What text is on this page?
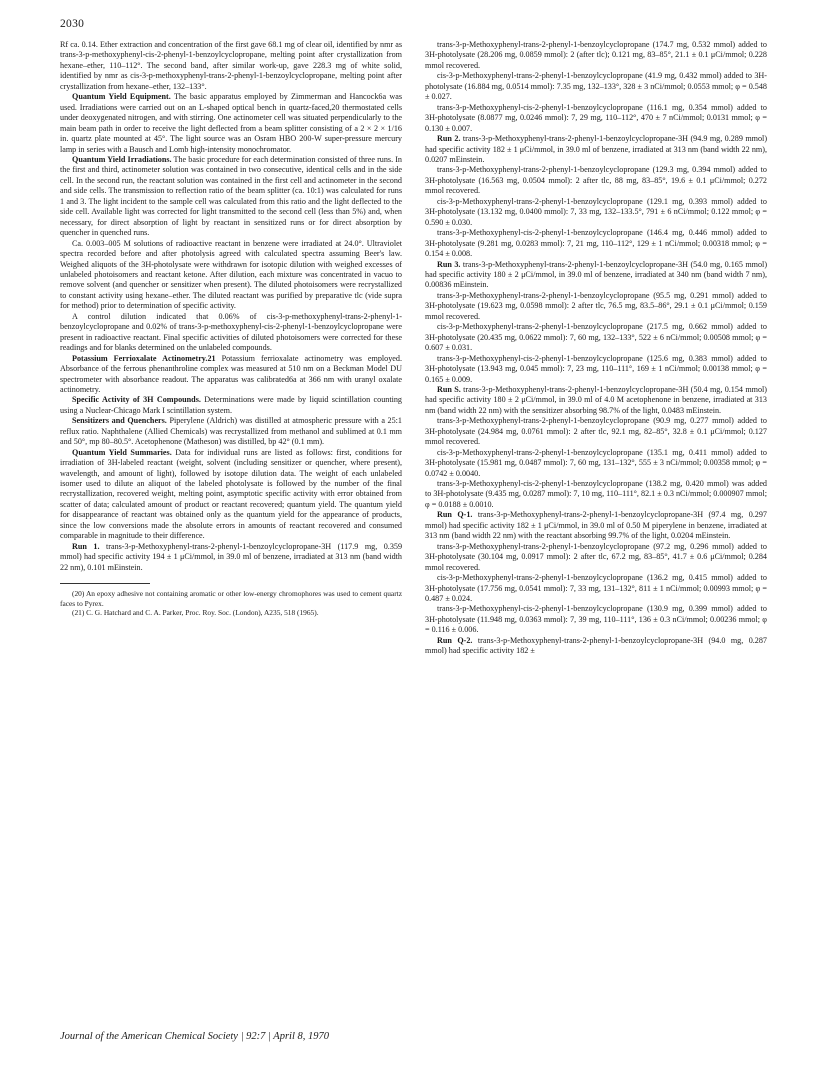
2030

Rf ca. 0.14. Ether extraction and concentration of the first gave 68.1 mg of clear oil, identified by nmr as trans-3-p-methoxyphenyl-cis-2-phenyl-1-benzoylcyclopropane, melting point after crystallization from hexane–ether, 110–112°. The second band, after similar work-up, gave 228.3 mg of white solid, identified by nmr as cis-3-p-methoxyphenyl-trans-2-phenyl-1-benzoylcyclopropane, melting point after crystallization from hexane–ether, 132–133°.

Quantum Yield Equipment. The basic apparatus employed by Zimmerman and Hancock6a was used. Irradiations were carried out on an L-shaped optical bench in quartz-faced,20 thermostated cells under deoxygenated nitrogen, and with stirring. One actinometer cell was situated perpendicularly to the main beam path in order to receive the light deflected from a beam splitter consisting of a 2 × 2 × 1/16 in. quartz plate mounted at 45°. The light source was an Osram HBO 200-W super-pressure mercury lamp in series with a Bausch and Lomb high-intensity monochromator.

Quantum Yield Irradiations. The basic procedure for each determination consisted of three runs. In the first and third, actinometer solution was contained in two consecutive, identical cells and in the side cell. In the second run, the reactant solution was contained in the first cell and actinometer in the second and side cells. The transmission to reflection ratio of the beam splitter (ca. 10:1) was calculated for runs 1 and 3. The light incident to the sample cell was calculated from this ratio and the light deflected to the side cell. Available light was corrected for light transmitted to the second cell (less than 5%) and, when necessary, for direct absorption of light by reactant in sensitized runs or for direct absorption by quencher in quenched runs.

Ca. 0.003–005 M solutions of radioactive reactant in benzene were irradiated at 24.0°. Ultraviolet spectra recorded before and after photolysis agreed with calculated spectra assuming Beer's law. Weighed aliquots of the 3H-photolysate were withdrawn for isotopic dilution with weighed excesses of unlabeled photoisomers and reactant ketone. After dilution, each mixture was concentrated in vacuo to remove solvent (and quencher or sensitizer when present). The diluted photoisomers were recrystallized to constant activity using hexane–ether. The diluted reactant was purified by preparative tlc (vide supra for method) prior to determination of specific activity.

A control dilution indicated that 0.06% of cis-3-p-methoxyphenyl-trans-2-phenyl-1-benzoylcyclopropane and 0.02% of trans-3-p-methoxyphenyl-cis-2-phenyl-1-benzoylcyclopropane were present in radioactive reactant. Final specific activities of diluted photoisomers were corrected for these readings and for blanks determined on the unlabeled compounds.

Potassium Ferrioxalate Actinometry.21 Potassium ferrioxalate actinometry was employed. Absorbance of the ferrous phenanthroline complex was measured at 510 nm on a Beckman Model DU spectrometer with absorbance readout. The apparatus was calibrated6a at 366 nm with uranyl oxalate actinometry.

Specific Activity of 3H Compounds. Determinations were made by liquid scintillation counting using a Nuclear-Chicago Mark I scintillation system.

Sensitizers and Quenchers. Piperylene (Aldrich) was distilled at atmospheric pressure with a 25:1 reflux ratio. Naphthalene (Allied Chemicals) was recrystallized from methanol and sublimed at 0.1 mm and 50°, mp 80–80.5°. Acetophenone (Matheson) was distilled, bp 42° (0.1 mm).

Quantum Yield Summaries. Data for individual runs are listed as follows: first, conditions for irradiation of 3H-labeled reactant (weight, solvent (including sensitizer or quencher, where present), wavelength, and amount of light), followed by isotope dilution data. The weight of each unlabeled isomer used to dilute an aliquot of the labeled photolysate is followed by the number of the final recrystallization, recovered weight, melting point, asymptotic specific activity with error obtained from scatter of data; calculated amount of product or reactant recovered; quantum yield. The quantum yield for disappearance of reactant was obtained only as the quantum yield for the appearance of products, since the low conversions made the absolute errors in amounts of reactant recovered and consumed comparable in magnitude to their difference.

Run 1. trans-3-p-Methoxyphenyl-trans-2-phenyl-1-benzoylcyclopropane-3H (117.9 mg, 0.359 mmol) had specific activity 194 ± 1 μCi/mmol, in 39.0 ml of benzene, irradiated at 313 nm (band width 22 nm), 0.101 mEinstein.

(20) An epoxy adhesive not containing aromatic or other low-energy chromophores was used to cement quartz faces to Pyrex.

(21) C. G. Hatchard and C. A. Parker, Proc. Roy. Soc. (London), A235, 518 (1965).

trans-3-p-Methoxyphenyl-trans-2-phenyl-1-benzoylcyclopropane (174.7 mg, 0.532 mmol) added to 3H-photolysate (28.206 mg, 0.0859 mmol): 2 (after tlc); 0.121 mg, 83–85°, 21.1 ± 0.1 μCi/mmol; 0.228 mmol recovered.

cis-3-p-Methoxyphenyl-trans-2-phenyl-1-benzoylcyclopropane (41.9 mg, 0.432 mmol) added to 3H-photolysate (16.884 mg, 0.0514 mmol): 7.35 mg, 132–133°, 328 ± 3 nCi/mmol; 0.0553 mmol; φ = 0.548 ± 0.027.

trans-3-p-Methoxyphenyl-cis-2-phenyl-1-benzoylcyclopropane (116.1 mg, 0.354 mmol) added to 3H-photolysate (8.0877 mg, 0.0246 mmol): 7, 29 mg, 110–112°, 470 ± 7 nCi/mmol; 0.0131 mmol; φ = 0.130 ± 0.007.

Run 2. trans-3-p-Methoxyphenyl-trans-2-phenyl-1-benzoylcyclopropane-3H (94.9 mg, 0.289 mmol) had specific activity 182 ± 1 μCi/mmol, in 39.0 ml of benzene, irradiated at 313 nm (band width 22 nm), 0.0207 mEinstein.

trans-3-p-Methoxyphenyl-trans-2-phenyl-1-benzoylcyclopropane (129.3 mg, 0.394 mmol) added to 3H-photolysate (16.563 mg, 0.0504 mmol): 2 after tlc, 88 mg, 83–85°, 19.6 ± 0.1 μCi/mmol; 0.272 mmol recovered.

cis-3-p-Methoxyphenyl-trans-2-phenyl-1-benzoylcyclopropane (129.1 mg, 0.393 mmol) added to 3H-photolysate (13.132 mg, 0.0400 mmol): 7, 33 mg, 132–133.5°, 791 ± 6 nCi/mmol; 0.122 mmol; φ = 0.590 ± 0.030.

trans-3-p-Methoxyphenyl-cis-2-phenyl-1-benzoylcyclopropane (146.4 mg, 0.446 mmol) added to 3H-photolysate (9.281 mg, 0.0283 mmol): 7, 21 mg, 110–112°, 129 ± 1 nCi/mmol; 0.00318 mmol; φ = 0.154 ± 0.008.

Run 3. trans-3-p-Methoxyphenyl-trans-2-phenyl-1-benzoylcyclopropane-3H (54.0 mg, 0.165 mmol) had specific activity 180 ± 2 μCi/mmol, in 39.0 ml of benzene, irradiated at 340 nm (band width 7 nm), 0.00836 mEinstein.

trans-3-p-Methoxyphenyl-trans-2-phenyl-1-benzoylcyclopropane (95.5 mg, 0.291 mmol) added to 3H-photolysate (19.623 mg, 0.0598 mmol): 2 after tlc, 76.5 mg, 83.5–86°, 29.1 ± 0.1 μCi/mmol; 0.159 mmol recovered.

cis-3-p-Methoxyphenyl-trans-2-phenyl-1-benzoylcyclopropane (217.5 mg, 0.662 mmol) added to 3H-photolysate (20.435 mg, 0.0622 mmol): 7, 60 mg, 132–133°, 522 ± 6 nCi/mmol; 0.00508 mmol; φ = 0.607 ± 0.031.

trans-3-p-Methoxyphenyl-cis-2-phenyl-1-benzoylcyclopropane (125.6 mg, 0.383 mmol) added to 3H-photolysate (13.943 mg, 0.045 mmol): 7, 23 mg, 110–111°, 169 ± 1 nCi/mmol; 0.00138 mmol; φ = 0.165 ± 0.009.

Run S. trans-3-p-Methoxyphenyl-trans-2-phenyl-1-benzoylcyclopropane-3H (50.4 mg, 0.154 mmol) had specific activity 180 ± 2 μCi/mmol, in 39.0 ml of 4.0 M acetophenone in benzene, irradiated at 313 nm (band width 22 nm) with the sensitizer absorbing 98.7% of the light, 0.0483 mEinstein.

trans-3-p-Methoxyphenyl-trans-2-phenyl-1-benzoylcyclopropane (90.9 mg, 0.277 mmol) added to 3H-photolysate (24.984 mg, 0.0761 mmol): 2 after tlc, 92.1 mg, 82–85°, 32.8 ± 0.1 μCi/mmol; 0.127 mmol recovered.

cis-3-p-Methoxyphenyl-trans-2-phenyl-1-benzoylcyclopropane (135.1 mg, 0.411 mmol) added to 3H-photolysate (15.981 mg, 0.0487 mmol): 7, 60 mg, 131–132°, 555 ± 3 nCi/mmol; 0.00358 mmol; φ = 0.0742 ± 0.0040.

trans-3-p-Methoxyphenyl-cis-2-phenyl-1-benzoylcyclopropane (138.2 mg, 0.420 mmol) was added to 3H-photolysate (9.435 mg, 0.0287 mmol): 7, 10 mg, 110–111°, 82.1 ± 0.3 nCi/mmol; 0.000907 mmol; φ = 0.0188 ± 0.0010.

Run Q-1. trans-3-p-Methoxyphenyl-trans-2-phenyl-1-benzoylcyclopropane-3H (97.4 mg, 0.297 mmol) had specific activity 182 ± 1 μCi/mmol, in 39.0 ml of 0.50 M piperylene in benzene, irradiated at 313 nm (band width 22 nm) with the reactant absorbing 99.7% of the light, 0.0204 mEinstein.

trans-3-p-Methoxyphenyl-trans-2-phenyl-1-benzoylcyclopropane (97.2 mg, 0.296 mmol) added to 3H-photolysate (30.104 mg, 0.0917 mmol): 2 after tlc, 67.2 mg, 83–85°, 41.7 ± 0.6 μCi/mmol; 0.284 mmol recovered.

cis-3-p-Methoxyphenyl-trans-2-phenyl-1-benzoylcyclopropane (136.2 mg, 0.415 mmol) added to 3H-photolysate (17.756 mg, 0.0541 mmol): 7, 33 mg, 131–132°, 811 ± 1 nCi/mmol; 0.00993 mmol; φ = 0.487 ± 0.024.

trans-3-p-Methoxyphenyl-cis-2-phenyl-1-benzoylcyclopropane (130.9 mg, 0.399 mmol) added to 3H-photolysate (11.948 mg, 0.0363 mmol): 7, 39 mg, 110–111°, 136 ± 0.3 nCi/mmol; 0.00236 mmol; φ = 0.116 ± 0.006.

Run Q-2. trans-3-p-Methoxyphenyl-trans-2-phenyl-1-benzoylcyclopropane-3H (94.0 mg, 0.287 mmol) had specific activity 182 ±

Journal of the American Chemical Society | 92:7 | April 8, 1970
